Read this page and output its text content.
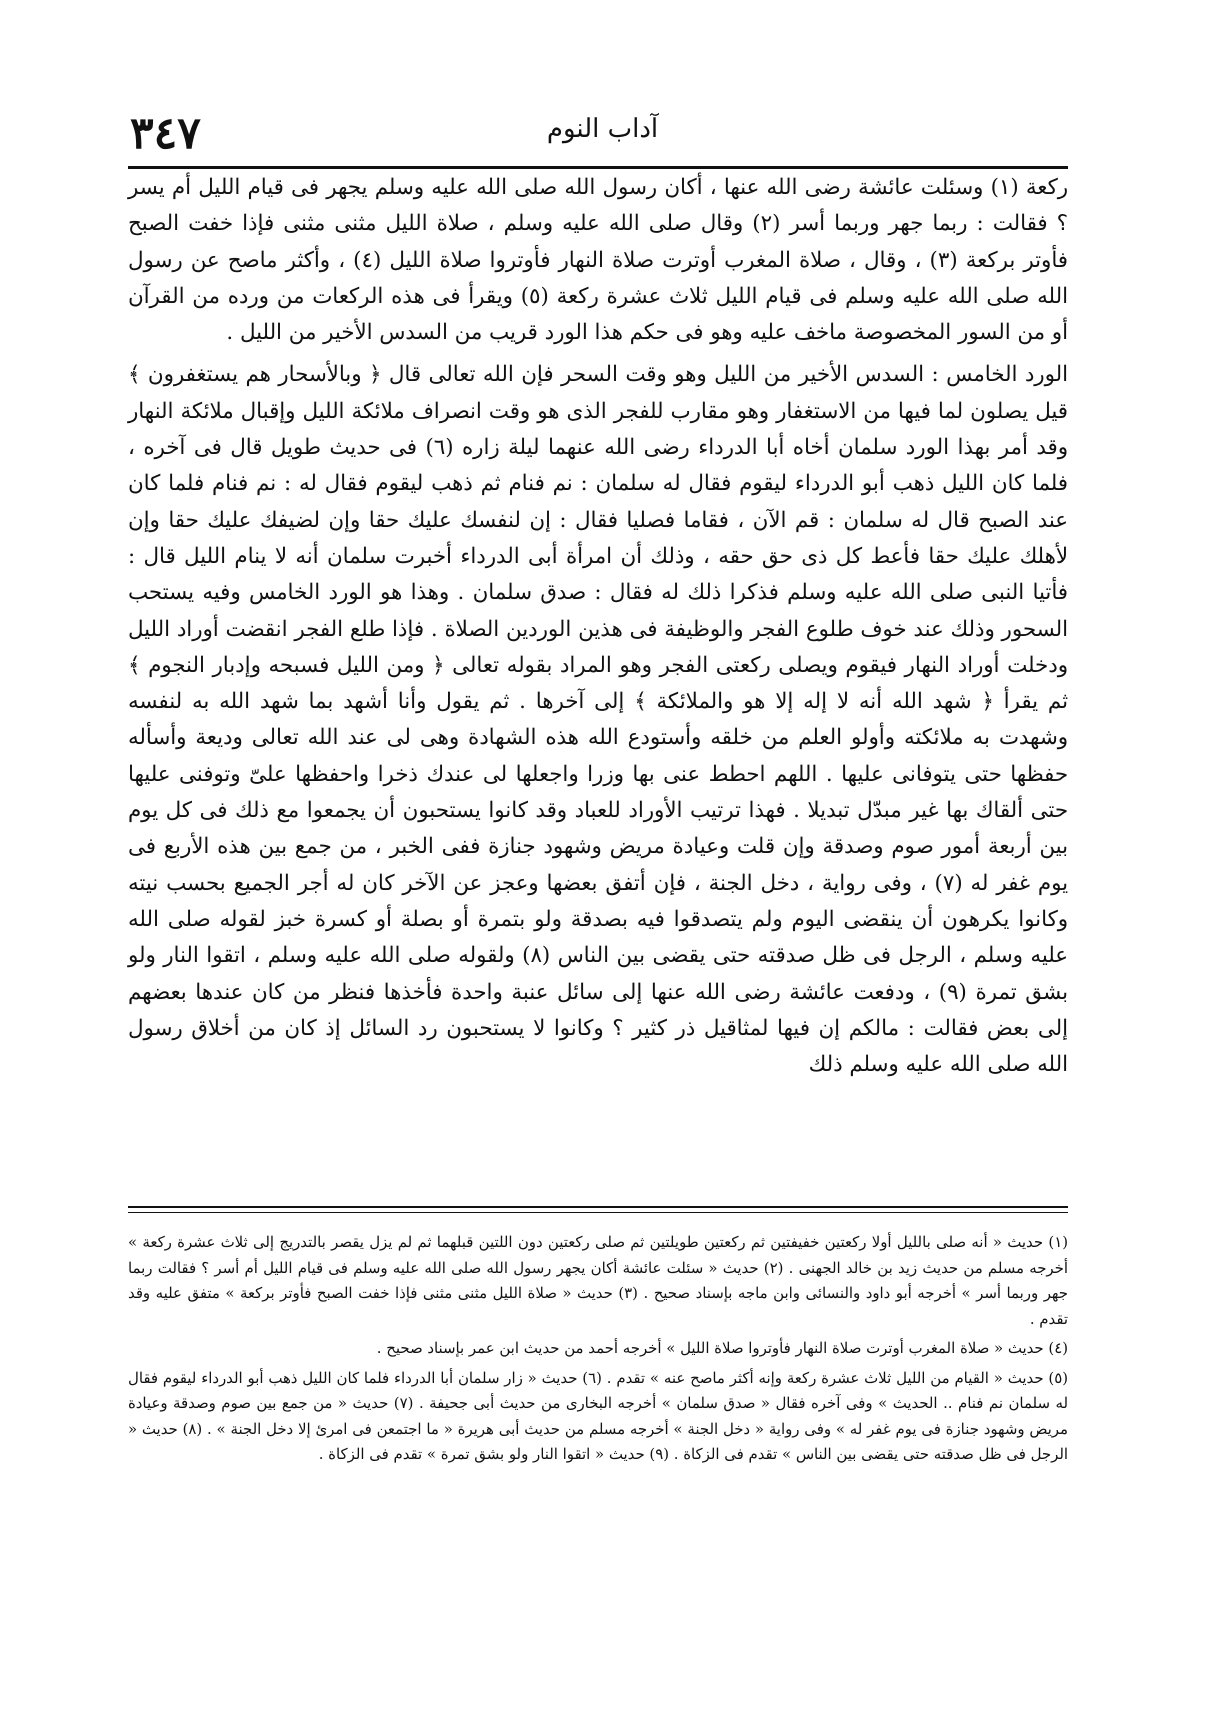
٣٤٧	آداب النوم

ركعة (١) وسئلت عائشة رضى الله عنها ، أكان رسول الله صلى الله عليه وسلم يجهر فى قيام الليل أم يسر ؟ فقالت : ربما جهر وربما أسر (٢) وقال صلى الله عليه وسلم ، صلاة الليل مثنى مثنى فإذا خفت الصبح فأوتر بركعة (٣) ، وقال ، صلاة المغرب أوترت صلاة النهار فأوتروا صلاة الليل (٤) ، وأكثر ماصح عن رسول الله صلى الله عليه وسلم فى قيام الليل ثلاث عشرة ركعة (٥) ويقرأ فى هذه الركعات من ورده من القرآن أو من السور المخصوصة ماخف عليه وهو فى حكم هذا الورد قريب من السدس الأخير من الليل .

الورد الخامس : السدس الأخير من الليل وهو وقت السحر فإن الله تعالى قال ﴿ وبالأسحار هم يستغفرون ﴾ قيل يصلون لما فيها من الاستغفار وهو مقارب للفجر الذى هو وقت انصراف ملائكة الليل وإقبال ملائكة النهار وقد أمر بهذا الورد سلمان أخاه أبا الدرداء رضى الله عنهما ليلة زاره (٦) فى حديث طويل قال فى آخره ، فلما كان الليل ذهب أبو الدرداء ليقوم فقال له سلمان : نم فنام ثم ذهب ليقوم فقال له : نم فنام فلما كان عند الصبح قال له سلمان : قم الآن ، فقاما فصليا فقال : إن لنفسك عليك حقا وإن لضيفك عليك حقا وإن لأهلك عليك حقا فأعط كل ذى حق حقه ، وذلك أن امرأة أبى الدرداء أخبرت سلمان أنه لا ينام الليل قال : فأتيا النبى صلى الله عليه وسلم فذكرا ذلك له فقال : صدق سلمان . وهذا هو الورد الخامس وفيه يستحب السحور وذلك عند خوف طلوع الفجر والوظيفة فى هذين الوردين الصلاة . فإذا طلع الفجر انقضت أوراد الليل ودخلت أوراد النهار فيقوم ويصلى ركعتى الفجر وهو المراد بقوله تعالى ﴿ ومن الليل فسبحه وإدبار النجوم ﴾ ثم يقرأ ﴿ شهد الله أنه لا إله إلا هو والملائكة ﴾ إلى آخرها . ثم يقول وأنا أشهد بما شهد الله به لنفسه وشهدت به ملائكته وأولو العلم من خلقه وأستودع الله هذه الشهادة وهى لى عند الله تعالى وديعة وأسأله حفظها حتى يتوفانى عليها . اللهم احطط عنى بها وزرا واجعلها لى عندك ذخرا واحفظها علىّ وتوفنى عليها حتى ألقاك بها غير مبدّل تبديلا . فهذا ترتيب الأوراد للعباد وقد كانوا يستحبون أن يجمعوا مع ذلك فى كل يوم بين أربعة أمور صوم وصدقة وإن قلت وعيادة مريض وشهود جنازة ففى الخبر ، من جمع بين هذه الأربع فى يوم غفر له (٧) ، وفى رواية ، دخل الجنة ، فإن أتفق بعضها وعجز عن الآخر كان له أجر الجميع بحسب نيته وكانوا يكرهون أن ينقضى اليوم ولم يتصدقوا فيه بصدقة ولو بتمرة أو بصلة أو كسرة خبز لقوله صلى الله عليه وسلم ، الرجل فى ظل صدقته حتى يقضى بين الناس (٨) ولقوله صلى الله عليه وسلم ، اتقوا النار ولو بشق تمرة (٩) ، ودفعت عائشة رضى الله عنها إلى سائل عنبة واحدة فأخذها فنظر من كان عندها بعضهم إلى بعض فقالت : مالكم إن فيها لمثاقيل ذر كثير ؟ وكانوا لا يستحبون رد السائل إذ كان من أخلاق رسول الله صلى الله عليه وسلم ذلك

(١) حديث « أنه صلى بالليل أولا ركعتين خفيفتين ثم ركعتين طويلتين ثم صلى ركعتين دون اللتين قبلهما ثم لم يزل يقصر بالتدريج إلى ثلاث عشرة ركعة » أخرجه مسلم من حديث زيد بن خالد الجهنى . (٢) حديث « سئلت عائشة أكان يجهر رسول الله صلى الله عليه وسلم فى قيام الليل أم أسر ؟ فقالت ربما جهر وربما أسر » أخرجه أبو داود والنسائى وابن ماجه بإسناد صحيح . (٣) حديث « صلاة الليل مثنى مثنى فإذا خفت الصبح فأوتر بركعة » متفق عليه وقد تقدم .

(٤) حديث « صلاة المغرب أوترت صلاة النهار فأوتروا صلاة الليل » أخرجه أحمد من حديث ابن عمر بإسناد صحيح .

(٥) حديث « القيام من الليل ثلاث عشرة ركعة وإنه أكثر ماصح عنه » تقدم . (٦) حديث « زار سلمان أبا الدرداء فلما كان الليل ذهب أبو الدرداء ليقوم فقال له سلمان نم فنام .. الحديث » وفى آخره فقال « صدق سلمان » أخرجه البخارى من حديث أبى جحيفة . (٧) حديث « من جمع بين صوم وصدقة وعيادة مريض وشهود جنازة فى يوم غفر له » وفى رواية « دخل الجنة » أخرجه مسلم من حديث أبى هريرة « ما اجتمعن فى امرئ إلا دخل الجنة » . (٨) حديث « الرجل فى ظل صدقته حتى يقضى بين الناس » تقدم فى الزكاة . (٩) حديث « اتقوا النار ولو بشق تمرة » تقدم فى الزكاة .
